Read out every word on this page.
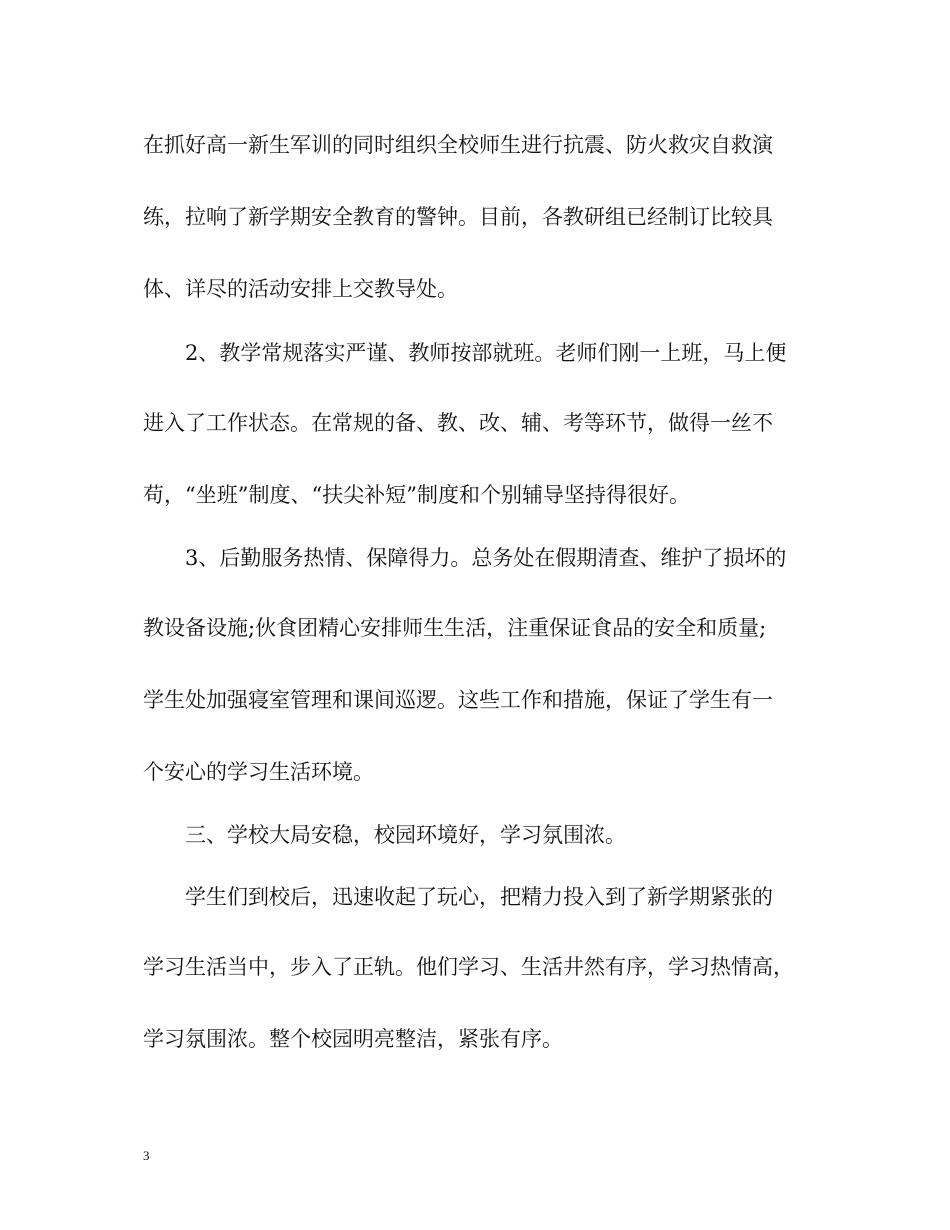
在抓好高一新生军训的同时组织全校师生进行抗震、防火救灾自救演
练，拉响了新学期安全教育的警钟。目前，各教研组已经制订比较具
体、详尽的活动安排上交教导处。
2、教学常规落实严谨、教师按部就班。老师们刚一上班，马上便
进入了工作状态。在常规的备、教、改、辅、考等环节，做得一丝不
苟，“坐班”制度、“扶尖补短”制度和个别辅导坚持得很好。
3、后勤服务热情、保障得力。总务处在假期清查、维护了损坏的
教设备设施;伙食团精心安排师生生活，注重保证食品的安全和质量;
学生处加强寝室管理和课间巡逻。这些工作和措施，保证了学生有一
个安心的学习生活环境。
三、学校大局安稳，校园环境好，学习氛围浓。
学生们到校后，迅速收起了玩心，把精力投入到了新学期紧张的
学习生活当中，步入了正轨。他们学习、生活井然有序，学习热情高，
学习氛围浓。整个校园明亮整洁，紧张有序。
3
